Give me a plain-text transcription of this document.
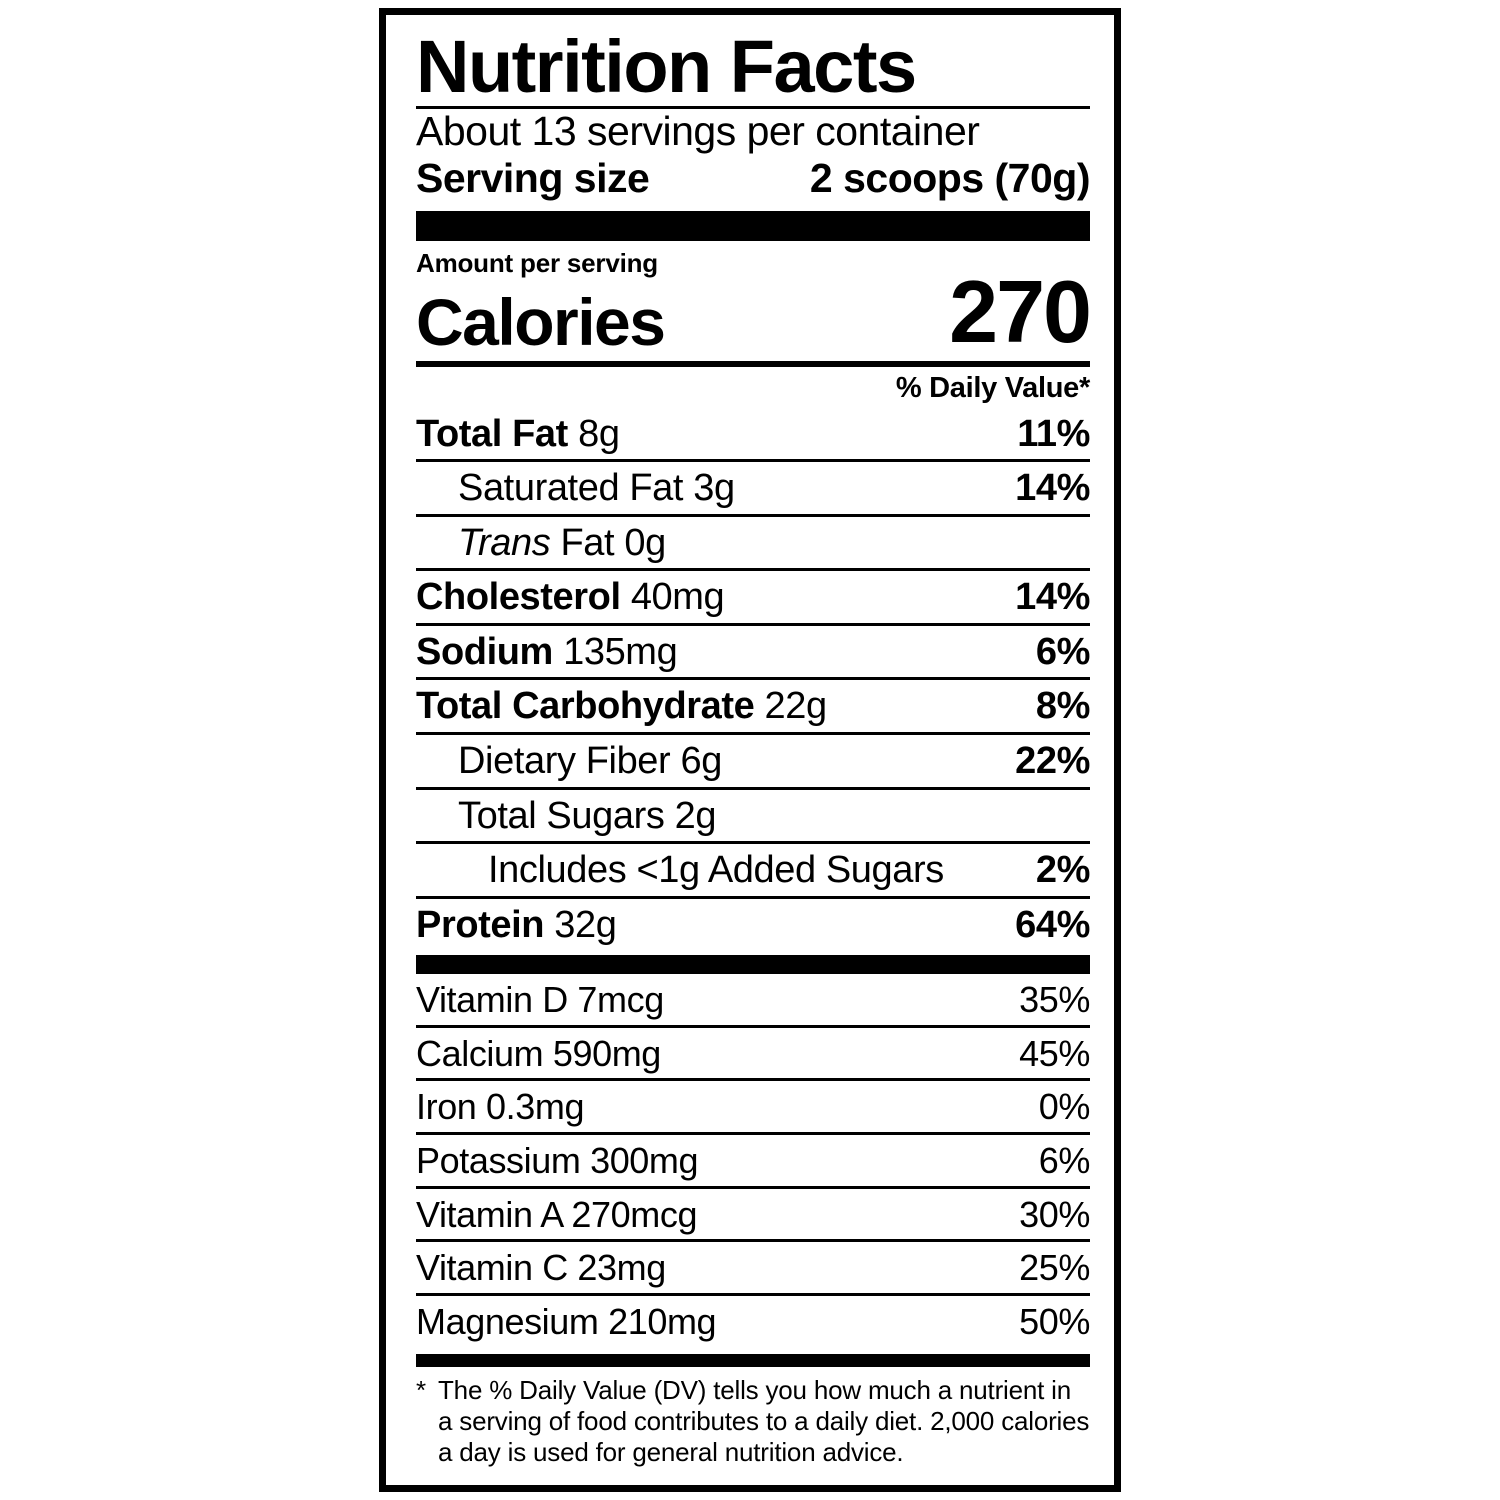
Nutrition Facts
About 13 servings per container
Serving size	2 scoops (70g)
Amount per serving
Calories	270
% Daily Value*
Total Fat 8g	11%
Saturated Fat 3g	14%
Trans Fat 0g
Cholesterol 40mg	14%
Sodium 135mg	6%
Total Carbohydrate 22g	8%
Dietary Fiber 6g	22%
Total Sugars 2g
Includes <1g Added Sugars 2%
Protein 32g	64%
Vitamin D 7mcg	35%
Calcium 590mg	45%
Iron 0.3mg	0%
Potassium 300mg	6%
Vitamin A 270mcg	30%
Vitamin C 23mg	25%
Magnesium 210mg	50%
* The % Daily Value (DV) tells you how much a nutrient in a serving of food contributes to a daily diet. 2,000 calories a day is used for general nutrition advice.
